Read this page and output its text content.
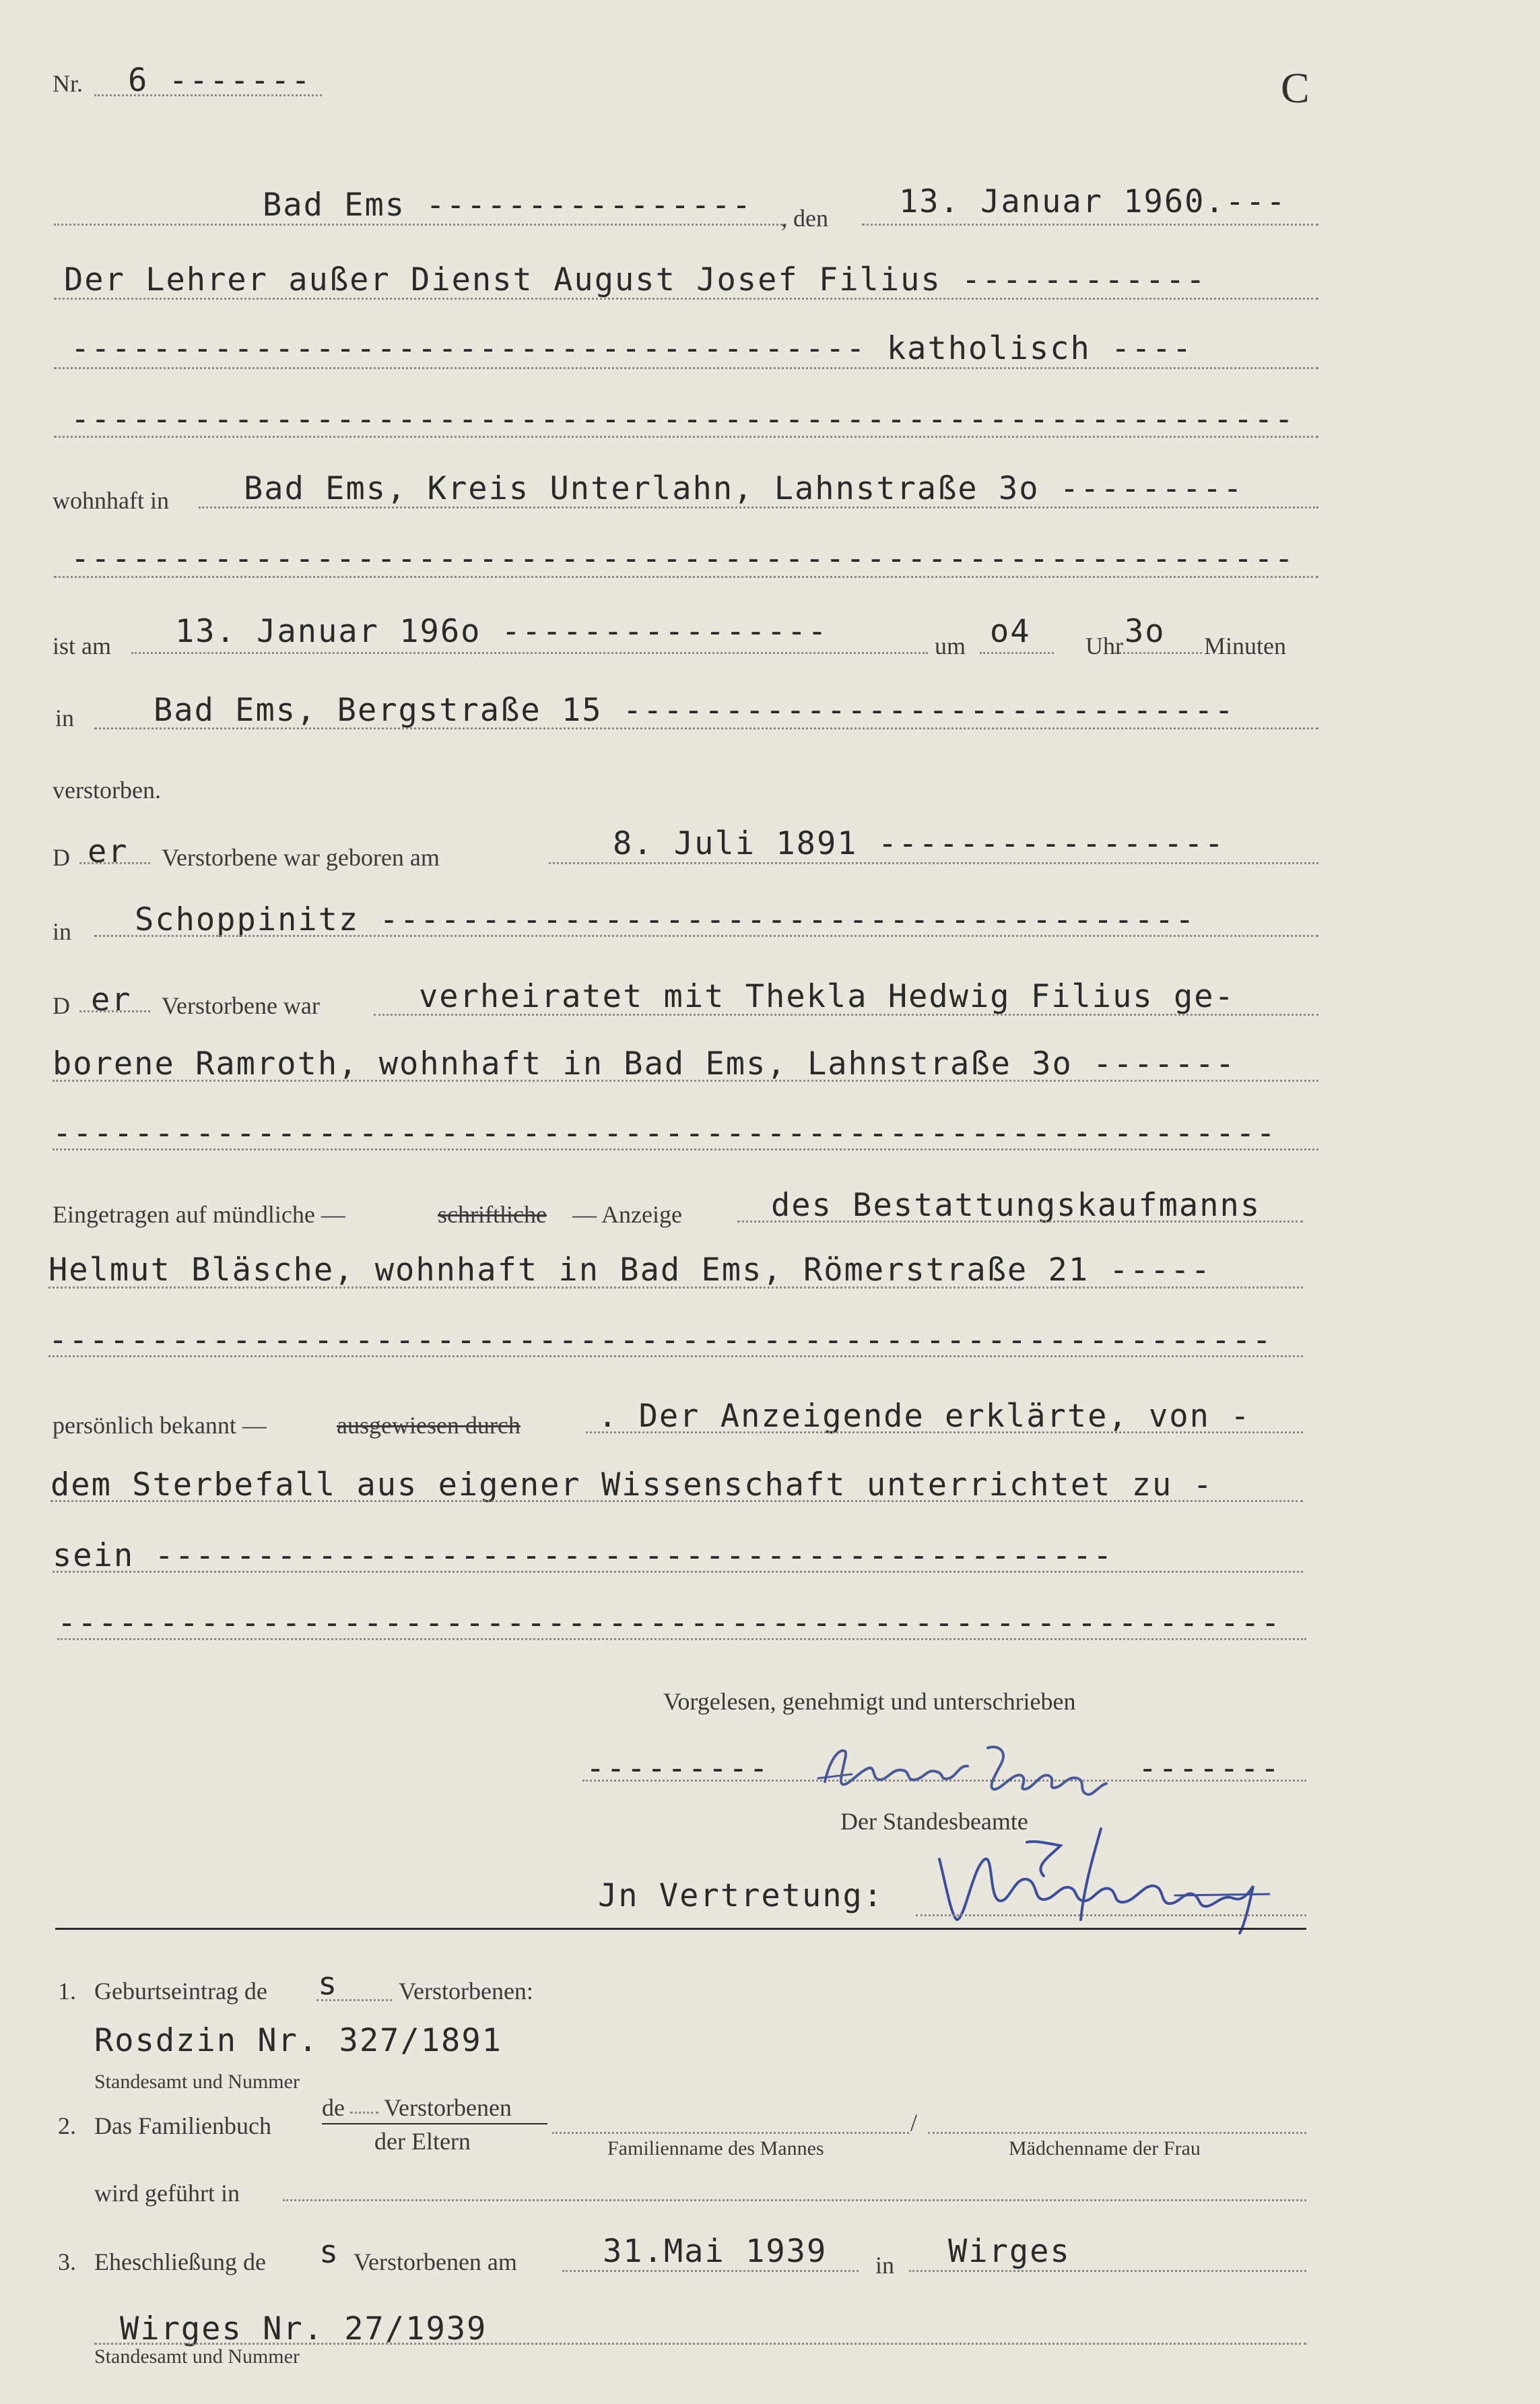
Nr. 6 -------	C
Bad Ems ---------------- , den 13. Januar 1960.---
Der Lehrer außer Dienst August Josef Filius ------------
--------------------------------------- katholisch ----
------------------------------------------------------------
wohnhaft in Bad Ems, Kreis Unterlahn, Lahnstraße 3o ---------
------------------------------------------------------------
ist am 13. Januar 196o ----------------	um o4 Uhr 3o Minuten
in	Bad Ems, Bergstraße 15 ------------------------------
verstorben.
D er Verstorbene war geboren am	8. Juli 1891 -----------------
in Schoppinitz ----------------------------------------
D er Verstorbene war	verheiratet mit Thekla Hedwig Filius ge-
borene Ramroth, wohnhaft in Bad Ems, Lahnstraße 3o -------
------------------------------------------------------------
Eingetragen auf mündliche —	schriftliche — Anzeige	des Bestattungskaufmanns
Helmut Bläsche, wohnhaft in Bad Ems, Römerstraße 21 -----
------------------------------------------------------------
persönlich bekannt —	ausgewiesen durch . Der Anzeigende erklärte, von -
dem Sterbefall aus eigener Wissenschaft unterrichtet zu -
sein -----------------------------------------------
------------------------------------------------------------
Vorgelesen, genehmigt und unterschrieben
---------	-------
Der Standesbeamte
Jn Vertretung:
1. Geburtseintrag de s Verstorbenen:
Rosdzin Nr. 327/1891
Standesamt und Nummer
2. Das Familienbuch
de Verstorbenen
der Eltern
/
Familienname des Mannes	Mädchenname der Frau
wird geführt in
3. Eheschließung de s Verstorbenen am	31.Mai 1939 in Wirges
Wirges Nr. 27/1939
Standesamt und Nummer
